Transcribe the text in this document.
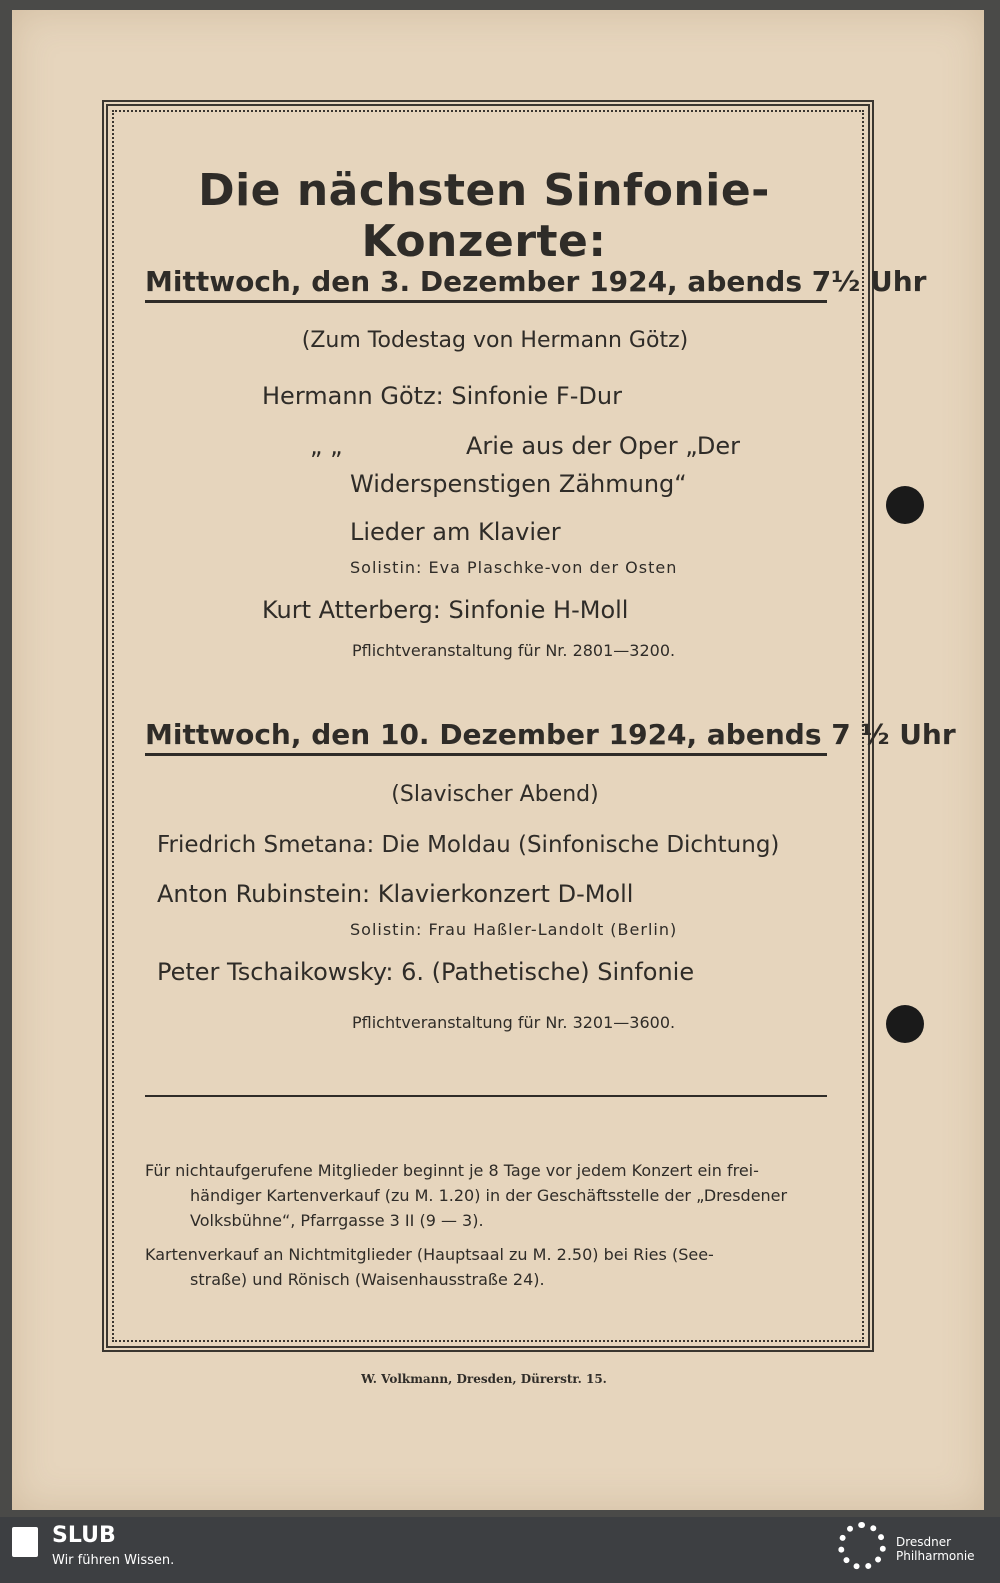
Die nächsten Sinfonie-Konzerte:
Mittwoch, den 3. Dezember 1924, abends 7½ Uhr
(Zum Todestag von Hermann Götz)
Hermann Götz: Sinfonie F-Dur
„ „	Arie aus der Oper „Der
Widerspenstigen Zähmung“
Lieder am Klavier
Solistin: Eva Plaschke-von der Osten
Kurt Atterberg: Sinfonie H-Moll
Pflichtveranstaltung für Nr. 2801—3200.
Mittwoch, den 10. Dezember 1924, abends 7 ½ Uhr
(Slavischer Abend)
Friedrich Smetana: Die Moldau (Sinfonische Dichtung)
Anton Rubinstein: Klavierkonzert D-Moll
Solistin: Frau Haßler-Landolt (Berlin)
Peter Tschaikowsky: 6. (Pathetische) Sinfonie
Pflichtveranstaltung für Nr. 3201—3600.
Für nichtaufgerufene Mitglieder beginnt je 8 Tage vor jedem Konzert ein frei-
händiger Kartenverkauf (zu M. 1.20) in der Geschäftsstelle der „Dresdener Volksbühne“, Pfarrgasse 3 II (9 — 3).
Kartenverkauf an Nichtmitglieder (Hauptsaal zu M. 2.50) bei Ries (See-
straße) und Rönisch (Waisenhausstraße 24).
W. Volkmann, Dresden, Dürerstr. 15.
SLUB
Wir führen Wissen.
Dresdner
Philharmonie
